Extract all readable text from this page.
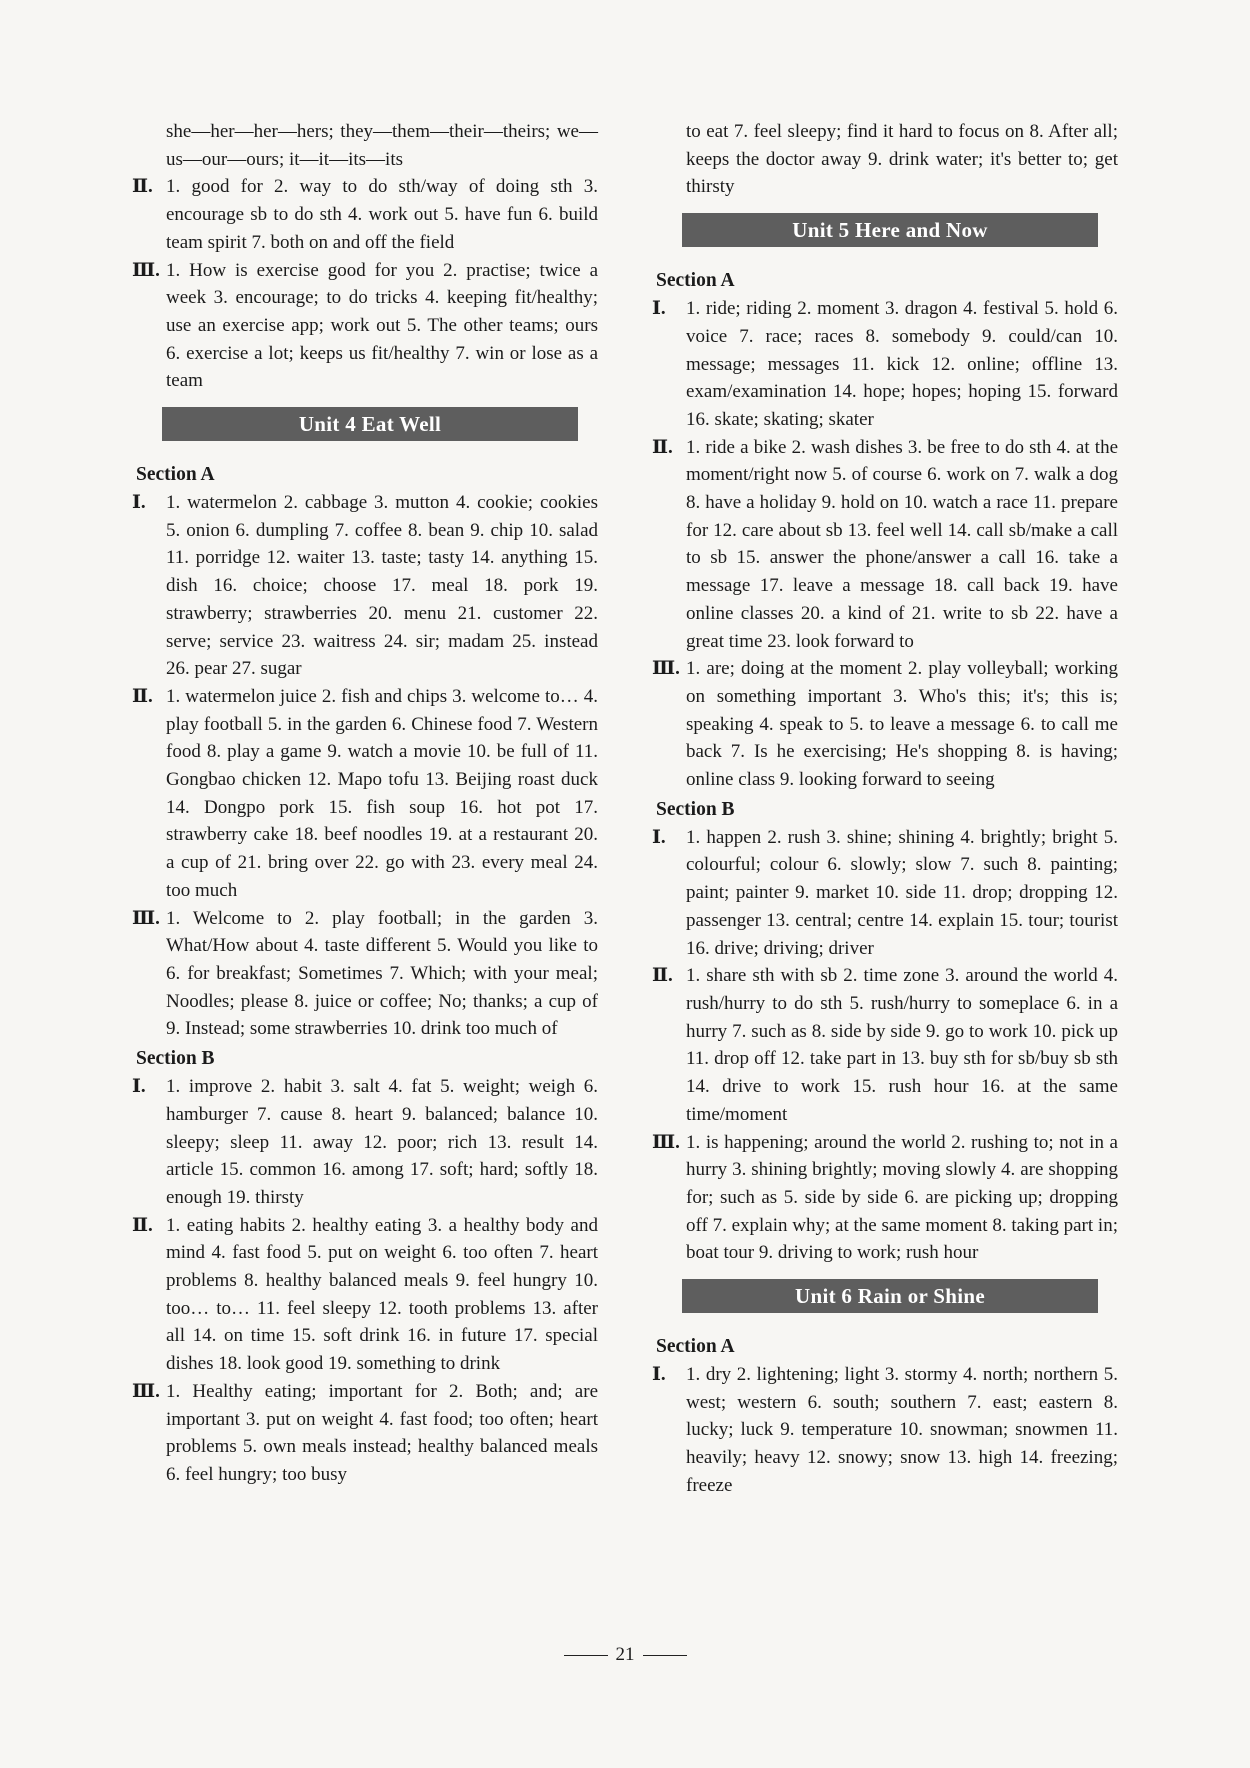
she—her—her—hers; they—them—their—theirs; we—us—our—ours; it—it—its—its
Ⅱ. 1. good for 2. way to do sth/way of doing sth 3. encourage sb to do sth 4. work out 5. have fun 6. build team spirit 7. both on and off the field
Ⅲ. 1. How is exercise good for you 2. practise; twice a week 3. encourage; to do tricks 4. keeping fit/healthy; use an exercise app; work out 5. The other teams; ours 6. exercise a lot; keeps us fit/healthy 7. win or lose as a team
Unit 4 Eat Well
Section A
Ⅰ.	1. watermelon 2. cabbage 3. mutton 4. cookie; cookies 5. onion 6. dumpling 7. coffee 8. bean 9. chip 10. salad 11. porridge 12. waiter 13. taste; tasty 14. anything 15. dish 16. choice; choose 17. meal 18. pork 19. strawberry; strawberries 20. menu 21. customer 22. serve; service 23. waitress 24. sir; madam 25. instead 26. pear 27. sugar
Ⅱ. 1. watermelon juice 2. fish and chips 3. welcome to… 4. play football 5. in the garden 6. Chinese food 7. Western food 8. play a game 9. watch a movie 10. be full of 11. Gongbao chicken 12. Mapo tofu 13. Beijing roast duck 14. Dongpo pork 15. fish soup 16. hot pot 17. strawberry cake 18. beef noodles 19. at a restaurant 20. a cup of 21. bring over 22. go with 23. every meal 24. too much
Ⅲ. 1. Welcome to 2. play football; in the garden 3. What/How about 4. taste different 5. Would you like to 6. for breakfast; Sometimes 7. Which; with your meal; Noodles; please 8. juice or coffee; No; thanks; a cup of 9. Instead; some strawberries 10. drink too much of
Section B
Ⅰ.	1. improve 2. habit 3. salt 4. fat 5. weight; weigh 6. hamburger 7. cause 8. heart 9. balanced; balance 10. sleepy; sleep 11. away 12. poor; rich 13. result 14. article 15. common 16. among 17. soft; hard; softly 18. enough 19. thirsty
Ⅱ. 1. eating habits 2. healthy eating 3. a healthy body and mind 4. fast food 5. put on weight 6. too often 7. heart problems 8. healthy balanced meals 9. feel hungry 10. too… to… 11. feel sleepy 12. tooth problems 13. after all 14. on time 15. soft drink 16. in future 17. special dishes 18. look good 19. something to drink
Ⅲ. 1. Healthy eating; important for 2. Both; and; are important 3. put on weight 4. fast food; too often; heart problems 5. own meals instead; healthy balanced meals 6. feel hungry; too busy
to eat 7. feel sleepy; find it hard to focus on 8. After all; keeps the doctor away 9. drink water; it's better to; get thirsty
Unit 5 Here and Now
Section A
Ⅰ.	1. ride; riding 2. moment 3. dragon 4. festival 5. hold 6. voice 7. race; races 8. somebody 9. could/can 10. message; messages 11. kick 12. online; offline 13. exam/examination 14. hope; hopes; hoping 15. forward 16. skate; skating; skater
Ⅱ. 1. ride a bike 2. wash dishes 3. be free to do sth 4. at the moment/right now 5. of course 6. work on 7. walk a dog 8. have a holiday 9. hold on 10. watch a race 11. prepare for 12. care about sb 13. feel well 14. call sb/make a call to sb 15. answer the phone/answer a call 16. take a message 17. leave a message 18. call back 19. have online classes 20. a kind of 21. write to sb 22. have a great time 23. look forward to
Ⅲ. 1. are; doing at the moment 2. play volleyball; working on something important 3. Who's this; it's; this is; speaking 4. speak to 5. to leave a message 6. to call me back 7. Is he exercising; He's shopping 8. is having; online class 9. looking forward to seeing
Section B
Ⅰ.	1. happen 2. rush 3. shine; shining 4. brightly; bright 5. colourful; colour 6. slowly; slow 7. such 8. painting; paint; painter 9. market 10. side 11. drop; dropping 12. passenger 13. central; centre 14. explain 15. tour; tourist 16. drive; driving; driver
Ⅱ. 1. share sth with sb 2. time zone 3. around the world 4. rush/hurry to do sth 5. rush/hurry to someplace 6. in a hurry 7. such as 8. side by side 9. go to work 10. pick up 11. drop off 12. take part in 13. buy sth for sb/buy sb sth 14. drive to work 15. rush hour 16. at the same time/moment
Ⅲ. 1. is happening; around the world 2. rushing to; not in a hurry 3. shining brightly; moving slowly 4. are shopping for; such as 5. side by side 6. are picking up; dropping off 7. explain why; at the same moment 8. taking part in; boat tour 9. driving to work; rush hour
Unit 6 Rain or Shine
Section A
Ⅰ.	1. dry 2. lightening; light 3. stormy 4. north; northern 5. west; western 6. south; southern 7. east; eastern 8. lucky; luck 9. temperature 10. snowman; snowmen 11. heavily; heavy 12. snowy; snow 13. high 14. freezing; freeze
21
